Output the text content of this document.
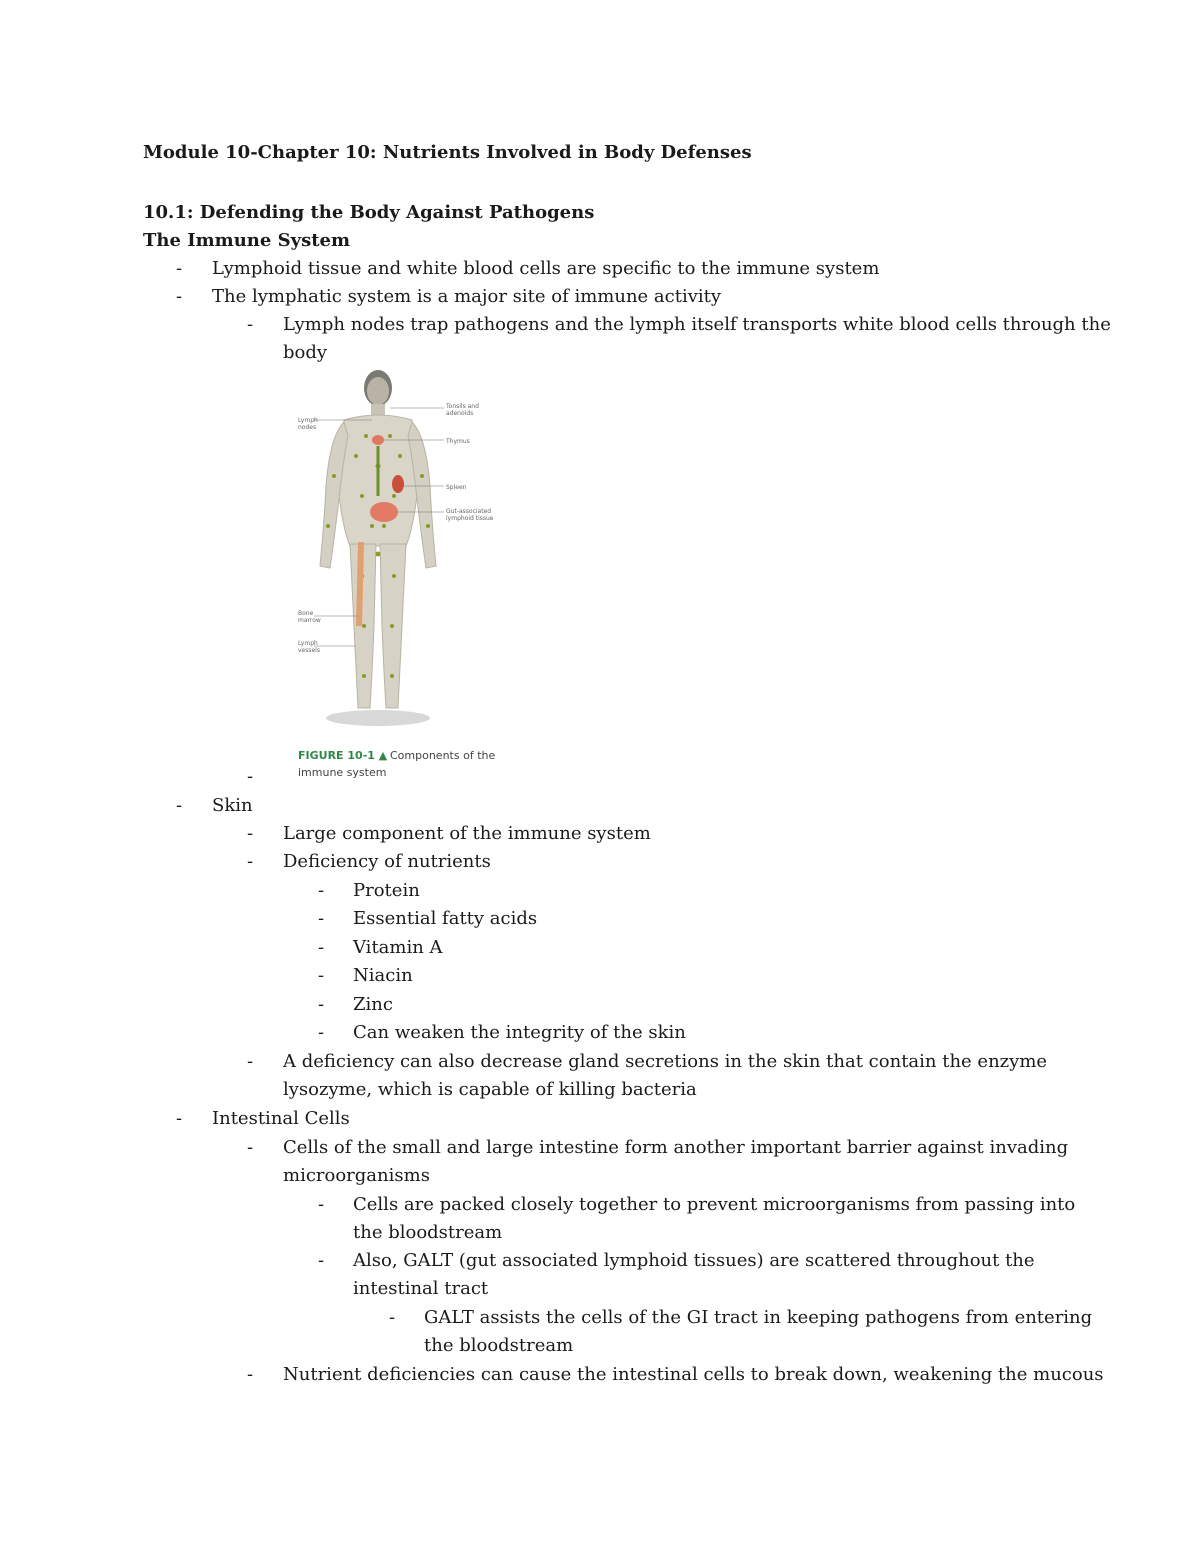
Module 10-Chapter 10: Nutrients Involved in Body Defenses
10.1: Defending the Body Against Pathogens
The Immune System
- Lymphoid tissue and white blood cells are specific to the immune system
- The lymphatic system is a major site of immune activity
- Lymph nodes trap pathogens and the lymph itself transports white blood cells through the
body
Lymph
nodes
Bone
marrow
Lymph
vessels
Tonsils and
adenoids
Thymus
Spleen
Gut-associated
lymphoid tissue
FIGURE 10-1 ▲ Components of the
immune system
-
- Skin
- Large component of the immune system
- Deficiency of nutrients
- Protein
- Essential fatty acids
- Vitamin A
- Niacin
- Zinc
- Can weaken the integrity of the skin
- A deficiency can also decrease gland secretions in the skin that contain the enzyme
lysozyme, which is capable of killing bacteria
- Intestinal Cells
- Cells of the small and large intestine form another important barrier against invading
microorganisms
- Cells are packed closely together to prevent microorganisms from passing into
the bloodstream
- Also, GALT (gut associated lymphoid tissues) are scattered throughout the
intestinal tract
- GALT assists the cells of the GI tract in keeping pathogens from entering
the bloodstream
- Nutrient deficiencies can cause the intestinal cells to break down, weakening the mucous
